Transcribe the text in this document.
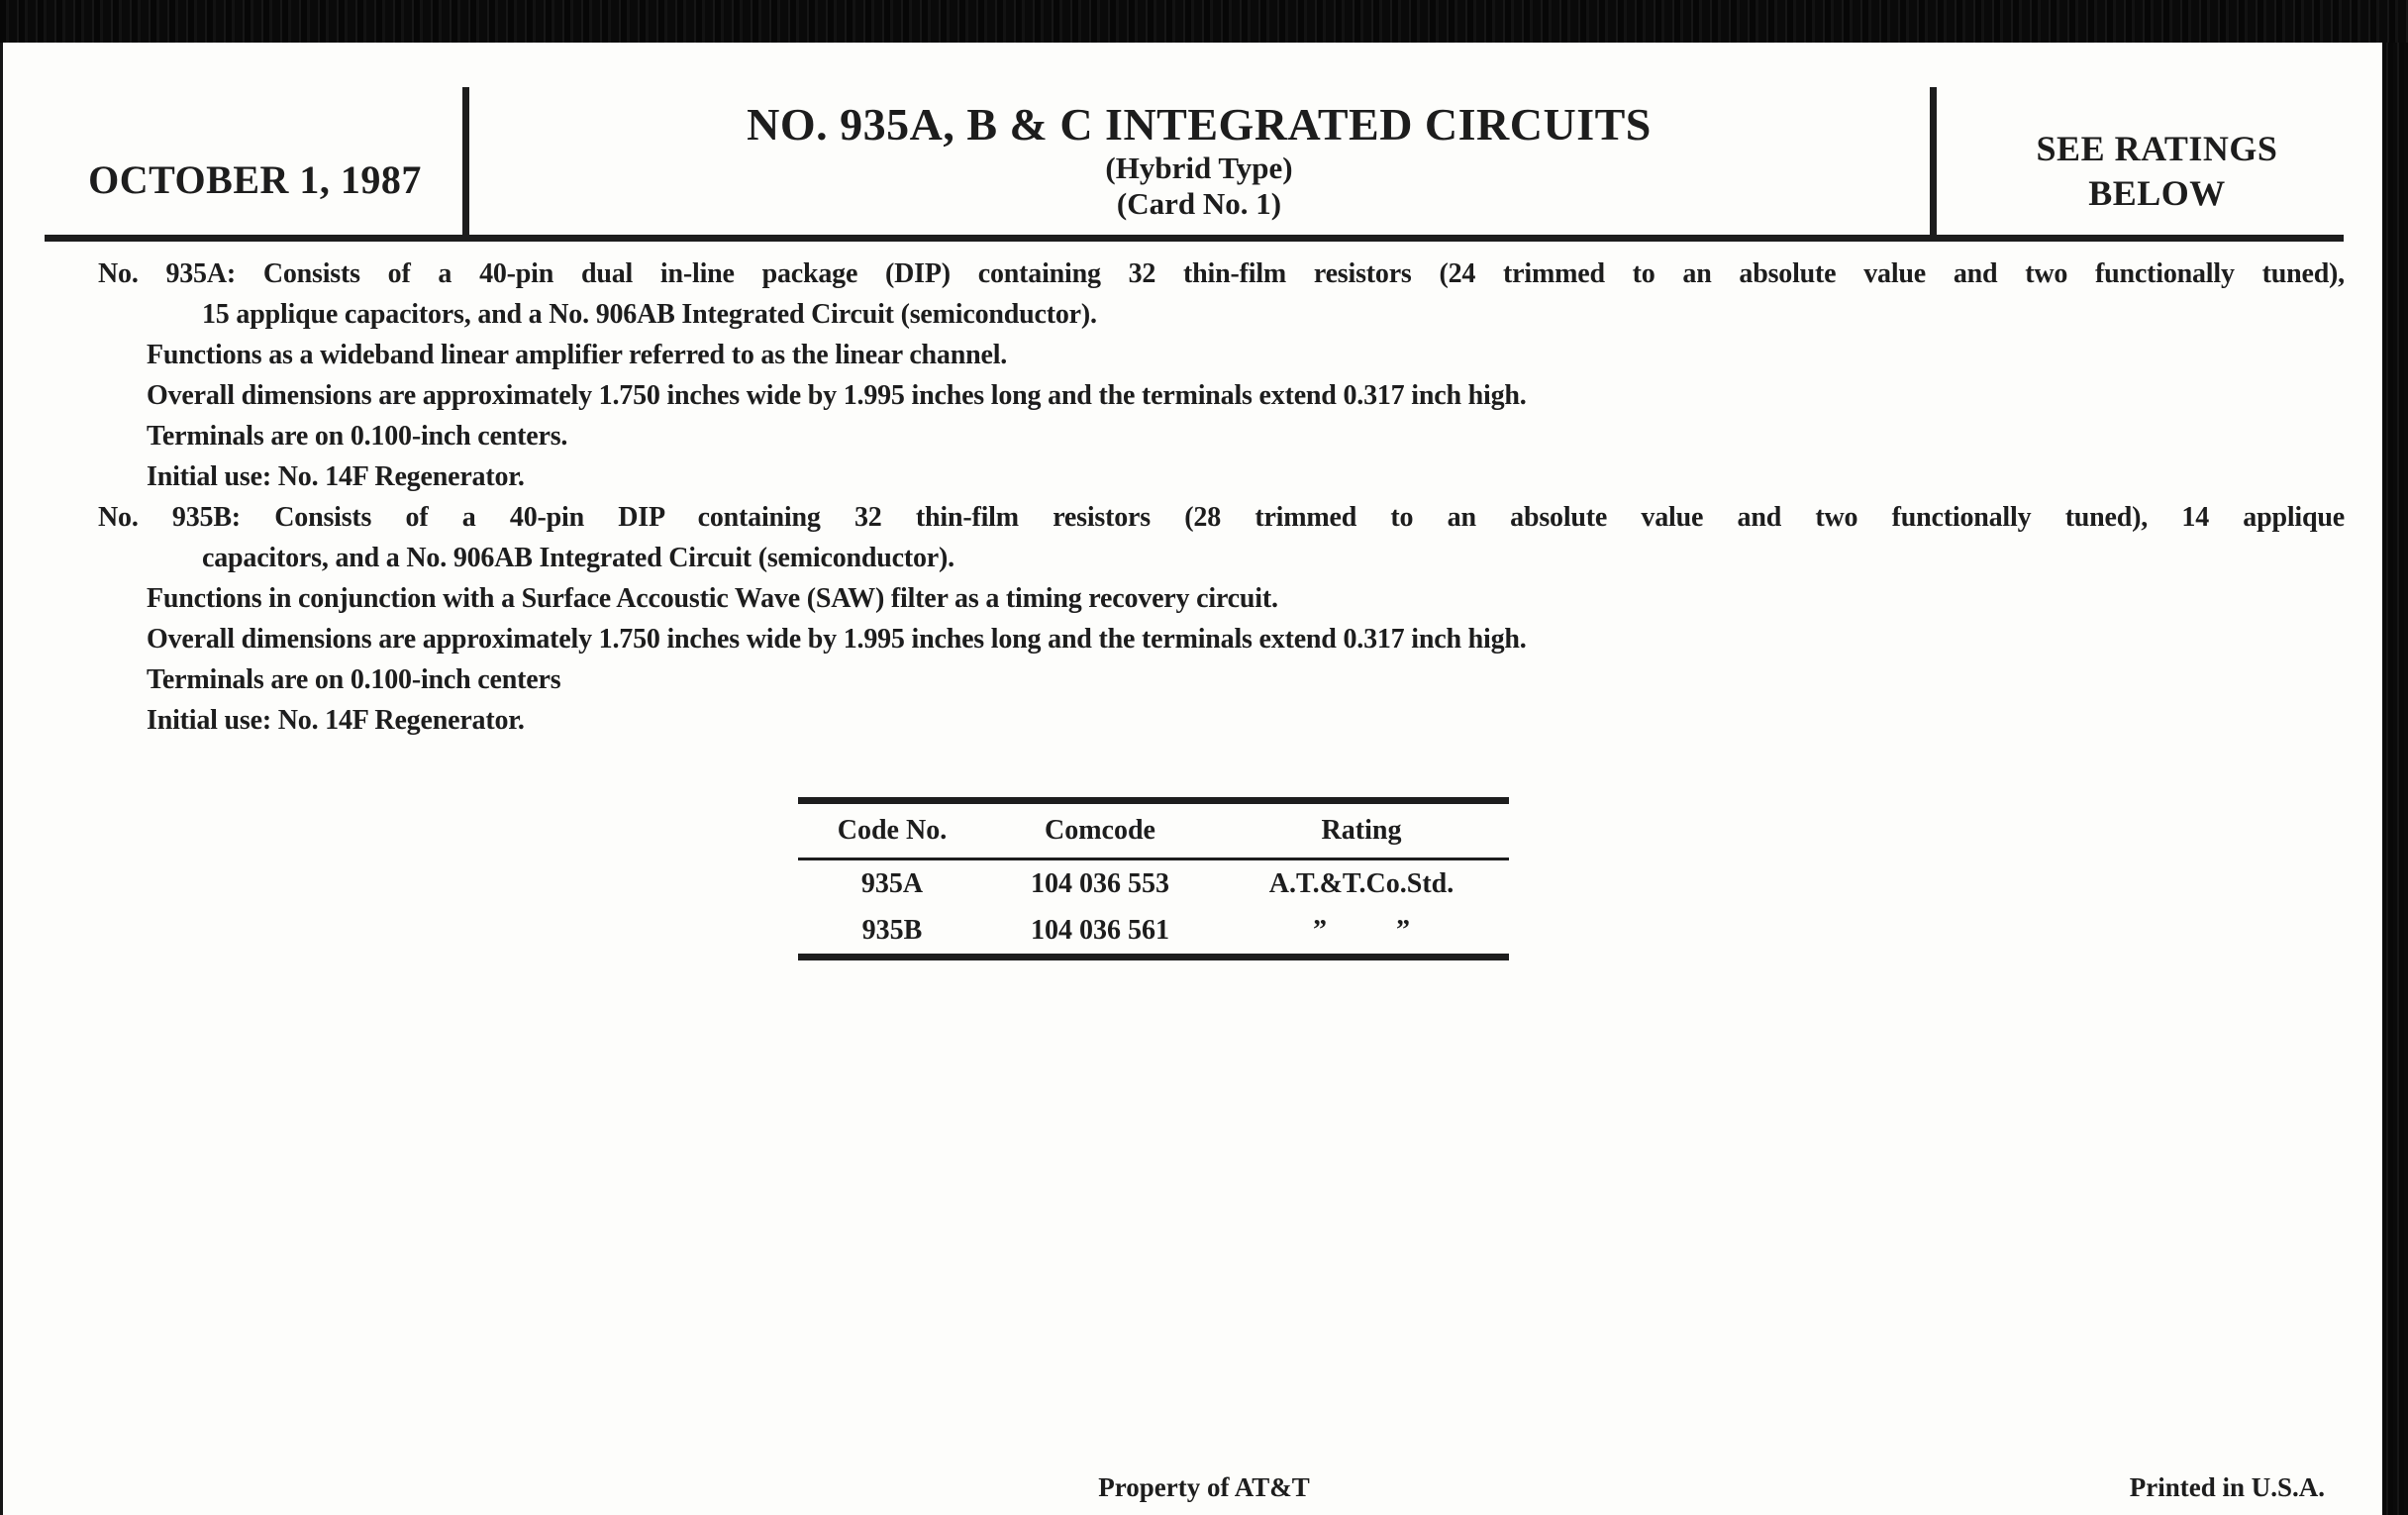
OCTOBER 1, 1987
NO. 935A, B & C INTEGRATED CIRCUITS
(Hybrid Type)
(Card No. 1)
SEE RATINGS
BELOW
No. 935A: Consists of a 40-pin dual in-line package (DIP) containing 32 thin-film resistors (24 trimmed to an absolute value and two functionally tuned),
15 applique capacitors, and a No. 906AB Integrated Circuit (semiconductor).
Functions as a wideband linear amplifier referred to as the linear channel.
Overall dimensions are approximately 1.750 inches wide by 1.995 inches long and the terminals extend 0.317 inch high.
Terminals are on 0.100-inch centers.
Initial use: No. 14F Regenerator.
No. 935B: Consists of a 40-pin DIP containing 32 thin-film resistors (28 trimmed to an absolute value and two functionally tuned), 14 applique
capacitors, and a No. 906AB Integrated Circuit (semiconductor).
Functions in conjunction with a Surface Accoustic Wave (SAW) filter as a timing recovery circuit.
Overall dimensions are approximately 1.750 inches wide by 1.995 inches long and the terminals extend 0.317 inch high.
Terminals are on 0.100-inch centers
Initial use: No. 14F Regenerator.
Code No.	Comcode	Rating
935A	104 036 553	A.T.&T.Co.Std.
935B	104 036 561	”          ”
Property of AT&T	Printed in U.S.A.
